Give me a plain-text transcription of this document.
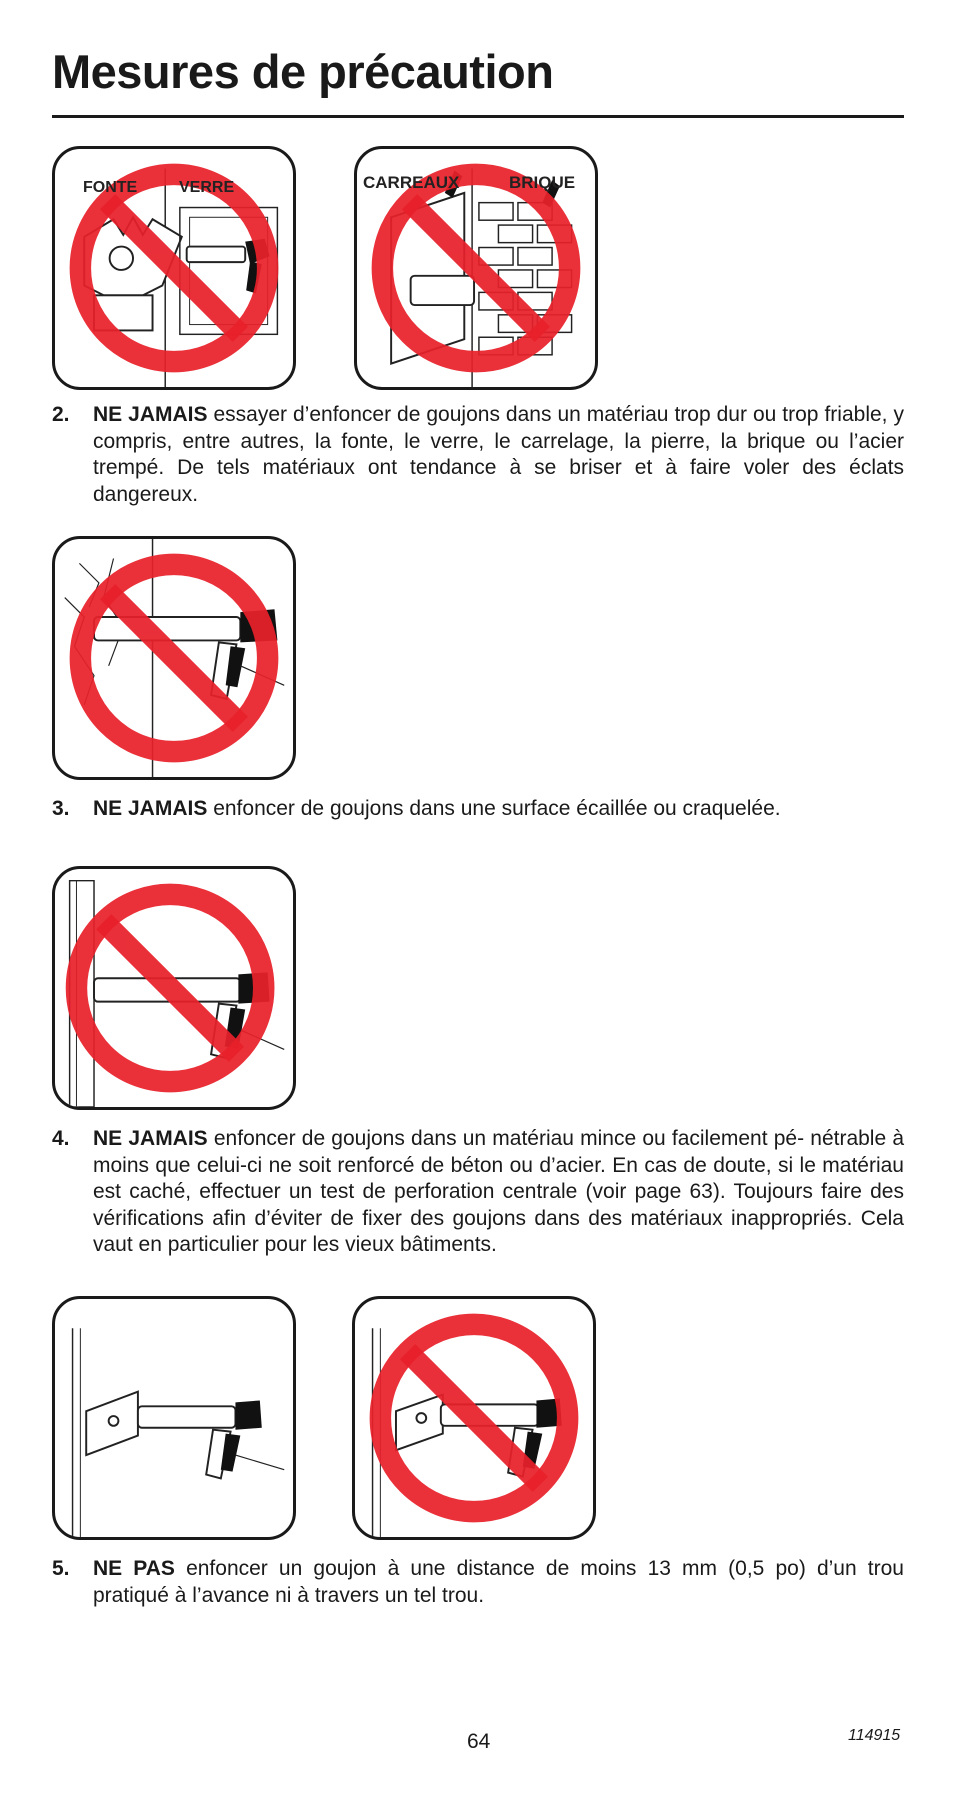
Mesures de précaution
FONTE	VERRE	CARREAUX	BRIQUE
2. NE JAMAIS essayer d’enfoncer de goujons dans un matériau trop dur ou trop friable, y compris, entre autres, la fonte, le verre, le carrelage, la pierre, la brique ou l’acier trempé. De tels matériaux ont tendance à se briser et à faire voler des éclats dangereux.
3. NE JAMAIS enfoncer de goujons dans une surface écaillée ou craquelée.
4. NE JAMAIS enfoncer de goujons dans un matériau mince ou facilement pé- nétrable à moins que celui-ci ne soit renforcé de béton ou d’acier. En cas de doute, si le matériau est caché, effectuer un test de perforation centrale (voir page 63). Toujours faire des vérifications afin d’éviter de fixer des goujons dans des matériaux inappropriés. Cela vaut en particulier pour les vieux bâtiments.
5. NE PAS enfoncer un goujon à une distance de moins 13 mm (0,5 po) d’un trou pratiqué à l’avance ni à travers un tel trou.
64	114915
